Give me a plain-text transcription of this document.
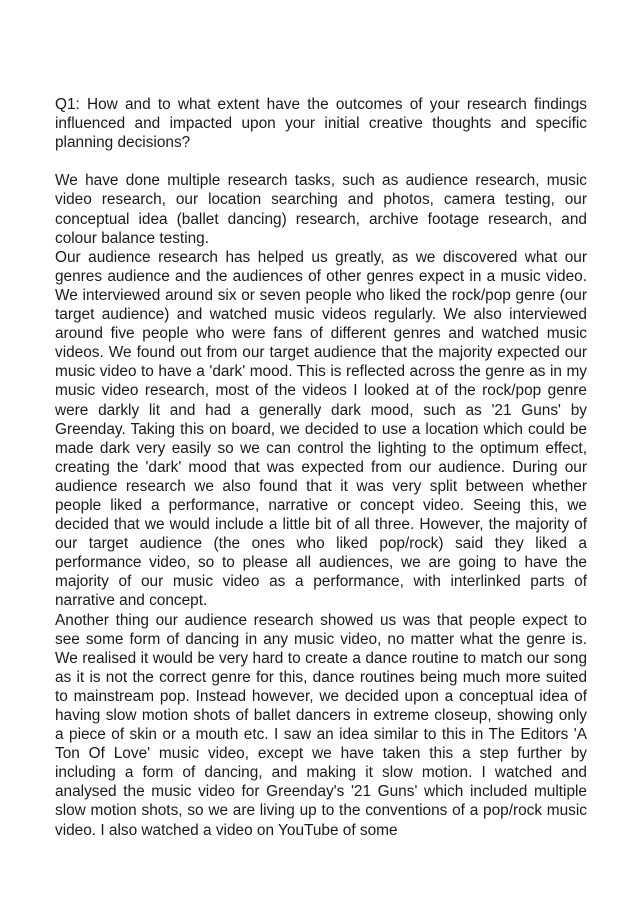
Q1: How and to what extent have the outcomes of your research findings influenced and impacted upon your initial creative thoughts and specific planning decisions?

We have done multiple research tasks, such as audience research, music video research, our location searching and photos, camera testing, our conceptual idea (ballet dancing) research, archive footage research, and colour balance testing.

Our audience research has helped us greatly, as we discovered what our genres audience and the audiences of other genres expect in a music video. We interviewed around six or seven people who liked the rock/pop genre (our target audience) and watched music videos regularly. We also interviewed around five people who were fans of different genres and watched music videos. We found out from our target audience that the majority expected our music video to have a 'dark' mood. This is reflected across the genre as in my music video research, most of the videos I looked at of the rock/pop genre were darkly lit and had a generally dark mood, such as '21 Guns' by Greenday. Taking this on board, we decided to use a location which could be made dark very easily so we can control the lighting to the optimum effect, creating the 'dark' mood that was expected from our audience. During our audience research we also found that it was very split between whether people liked a performance, narrative or concept video. Seeing this, we decided that we would include a little bit of all three. However, the majority of our target audience (the ones who liked pop/rock) said they liked a performance video, so to please all audiences, we are going to have the majority of our music video as a performance, with interlinked parts of narrative and concept.

Another thing our audience research showed us was that people expect to see some form of dancing in any music video, no matter what the genre is. We realised it would be very hard to create a dance routine to match our song as it is not the correct genre for this, dance routines being much more suited to mainstream pop. Instead however, we decided upon a conceptual idea of having slow motion shots of ballet dancers in extreme closeup, showing only a piece of skin or a mouth etc. I saw an idea similar to this in The Editors 'A Ton Of Love' music video, except we have taken this a step further by including a form of dancing, and making it slow motion. I watched and analysed the music video for Greenday's '21 Guns' which included multiple slow motion shots, so we are living up to the conventions of a pop/rock music video. I also watched a video on YouTube of some
